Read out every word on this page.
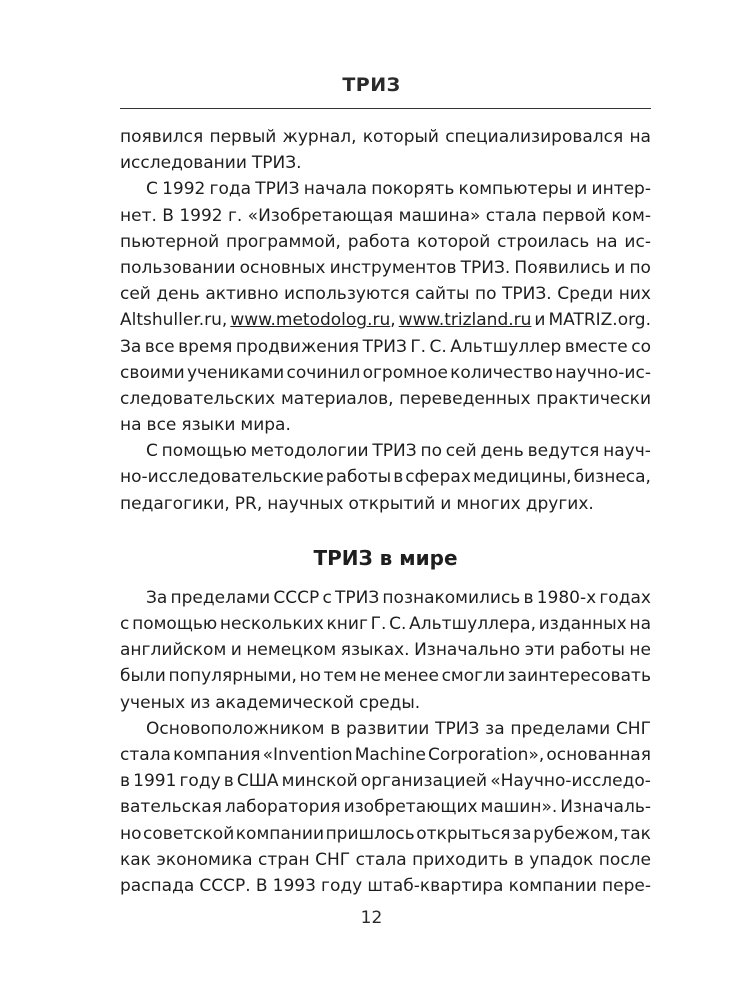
ТРИЗ
появился первый журнал, который специализировался на
исследовании ТРИЗ.
С 1992 года ТРИЗ начала покорять компьютеры и интер-
нет. В 1992 г. «Изобретающая машина» стала первой ком-
пьютерной программой, работа которой строилась на ис-
пользовании основных инструментов ТРИЗ. Появились и по
сей день активно используются сайты по ТРИЗ. Среди них
Altshuller.ru, www.metodolog.ru, www.trizland.ru и MATRIZ.org.
За все время продвижения ТРИЗ Г. С. Альтшуллер вместе со
своими учениками сочинил огромное количество научно-ис-
следовательских материалов, переведенных практически
на все языки мира.
С помощью методологии ТРИЗ по сей день ведутся науч-
но-исследовательские работы в сферах медицины, бизнеса,
педагогики, PR, научных открытий и многих других.
ТРИЗ в мире
За пределами СССР с ТРИЗ познакомились в 1980-х годах
с помощью нескольких книг Г. С. Альтшуллера, изданных на
английском и немецком языках. Изначально эти работы не
были популярными, но тем не менее смогли заинтересовать
ученых из академической среды.
Основоположником в развитии ТРИЗ за пределами СНГ
стала компания «Invention Machine Corporation», основанная
в 1991 году в США минской организацией «Научно-исследо-
вательская лаборатория изобретающих машин». Изначаль-
но советской компании пришлось открыться за рубежом, так
как экономика стран СНГ стала приходить в упадок после
распада СССР. В 1993 году штаб-квартира компании пере-
12
